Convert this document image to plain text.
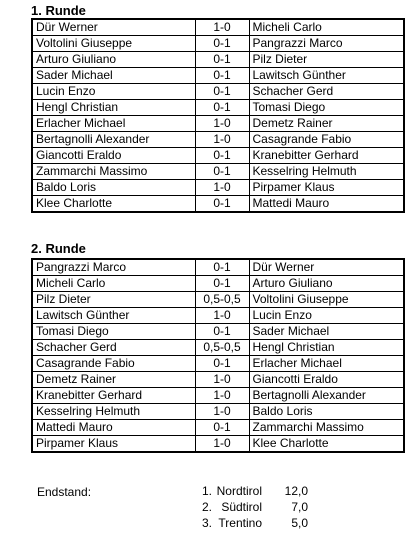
1. Runde
Dür Werner	1-0	Micheli Carlo
Voltolini Giuseppe	0-1	Pangrazzi Marco
Arturo Giuliano	0-1	Pilz Dieter
Sader Michael	0-1	Lawitsch Günther
Lucin Enzo	0-1	Schacher Gerd
Hengl Christian	0-1	Tomasi Diego
Erlacher Michael	1-0	Demetz Rainer
Bertagnolli Alexander	1-0	Casagrande Fabio
Giancotti Eraldo	0-1	Kranebitter Gerhard
Zammarchi Massimo	0-1	Kesselring Helmuth
Baldo Loris	1-0	Pirpamer Klaus
Klee Charlotte	0-1	Mattedi Mauro
2. Runde
Pangrazzi Marco	0-1	Dür Werner
Micheli Carlo	0-1	Arturo Giuliano
Pilz Dieter	0,5-0,5	Voltolini Giuseppe
Lawitsch Günther	1-0	Lucin Enzo
Tomasi Diego	0-1	Sader Michael
Schacher Gerd	0,5-0,5	Hengl Christian
Casagrande Fabio	0-1	Erlacher Michael
Demetz Rainer	1-0	Giancotti Eraldo
Kranebitter Gerhard	1-0	Bertagnolli Alexander
Kesselring Helmuth	1-0	Baldo Loris
Mattedi Mauro	0-1	Zammarchi Massimo
Pirpamer Klaus	1-0	Klee Charlotte
Endstand:	1. Nordtirol	12,0
2. Südtirol	7,0
3. Trentino	5,0
